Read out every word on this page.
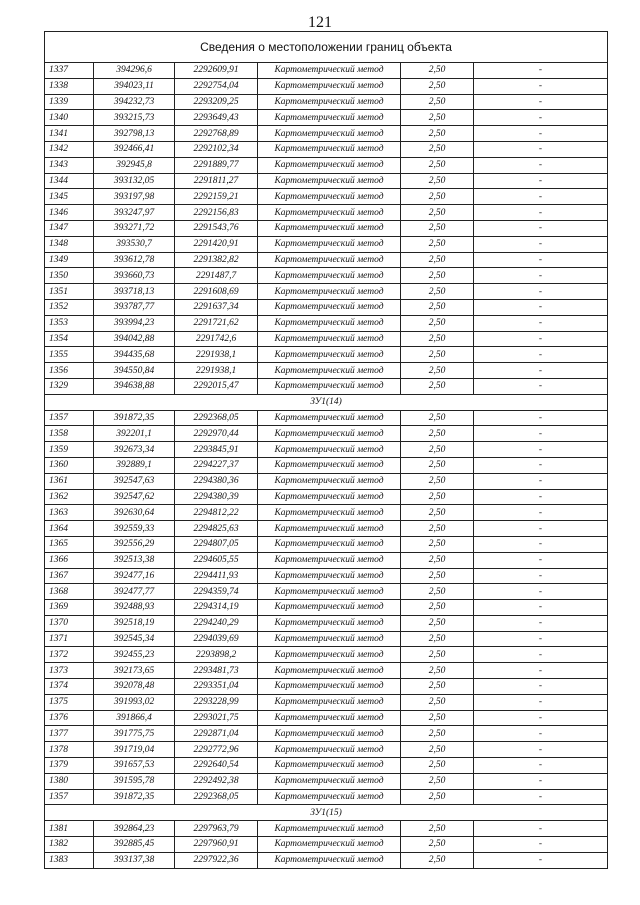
121
Сведения о местоположении границ объекта
1337	394296,6	2292609,91	Картометрический метод	2,50	-
1338	394023,11	2292754,04	Картометрический метод	2,50	-
1339	394232,73	2293209,25	Картометрический метод	2,50	-
1340	393215,73	2293649,43	Картометрический метод	2,50	-
1341	392798,13	2292768,89	Картометрический метод	2,50	-
1342	392466,41	2292102,34	Картометрический метод	2,50	-
1343	392945,8	2291889,77	Картометрический метод	2,50	-
1344	393132,05	2291811,27	Картометрический метод	2,50	-
1345	393197,98	2292159,21	Картометрический метод	2,50	-
1346	393247,97	2292156,83	Картометрический метод	2,50	-
1347	393271,72	2291543,76	Картометрический метод	2,50	-
1348	393530,7	2291420,91	Картометрический метод	2,50	-
1349	393612,78	2291382,82	Картометрический метод	2,50	-
1350	393660,73	2291487,7	Картометрический метод	2,50	-
1351	393718,13	2291608,69	Картометрический метод	2,50	-
1352	393787,77	2291637,34	Картометрический метод	2,50	-
1353	393994,23	2291721,62	Картометрический метод	2,50	-
1354	394042,88	2291742,6	Картометрический метод	2,50	-
1355	394435,68	2291938,1	Картометрический метод	2,50	-
1356	394550,84	2291938,1	Картометрический метод	2,50	-
1329	394638,88	2292015,47	Картометрический метод	2,50	-
ЗУ1(14)					
1357	391872,35	2292368,05	Картометрический метод	2,50	-
1358	392201,1	2292970,44	Картометрический метод	2,50	-
1359	392673,34	2293845,91	Картометрический метод	2,50	-
1360	392889,1	2294227,37	Картометрический метод	2,50	-
1361	392547,63	2294380,36	Картометрический метод	2,50	-
1362	392547,62	2294380,39	Картометрический метод	2,50	-
1363	392630,64	2294812,22	Картометрический метод	2,50	-
1364	392559,33	2294825,63	Картометрический метод	2,50	-
1365	392556,29	2294807,05	Картометрический метод	2,50	-
1366	392513,38	2294605,55	Картометрический метод	2,50	-
1367	392477,16	2294411,93	Картометрический метод	2,50	-
1368	392477,77	2294359,74	Картометрический метод	2,50	-
1369	392488,93	2294314,19	Картометрический метод	2,50	-
1370	392518,19	2294240,29	Картометрический метод	2,50	-
1371	392545,34	2294039,69	Картометрический метод	2,50	-
1372	392455,23	2293898,2	Картометрический метод	2,50	-
1373	392173,65	2293481,73	Картометрический метод	2,50	-
1374	392078,48	2293351,04	Картометрический метод	2,50	-
1375	391993,02	2293228,99	Картометрический метод	2,50	-
1376	391866,4	2293021,75	Картометрический метод	2,50	-
1377	391775,75	2292871,04	Картометрический метод	2,50	-
1378	391719,04	2292772,96	Картометрический метод	2,50	-
1379	391657,53	2292640,54	Картометрический метод	2,50	-
1380	391595,78	2292492,38	Картометрический метод	2,50	-
1357	391872,35	2292368,05	Картометрический метод	2,50	-
ЗУ1(15)					
1381	392864,23	2297963,79	Картометрический метод	2,50	-
1382	392885,45	2297960,91	Картометрический метод	2,50	-
1383	393137,38	2297922,36	Картометрический метод	2,50	-
